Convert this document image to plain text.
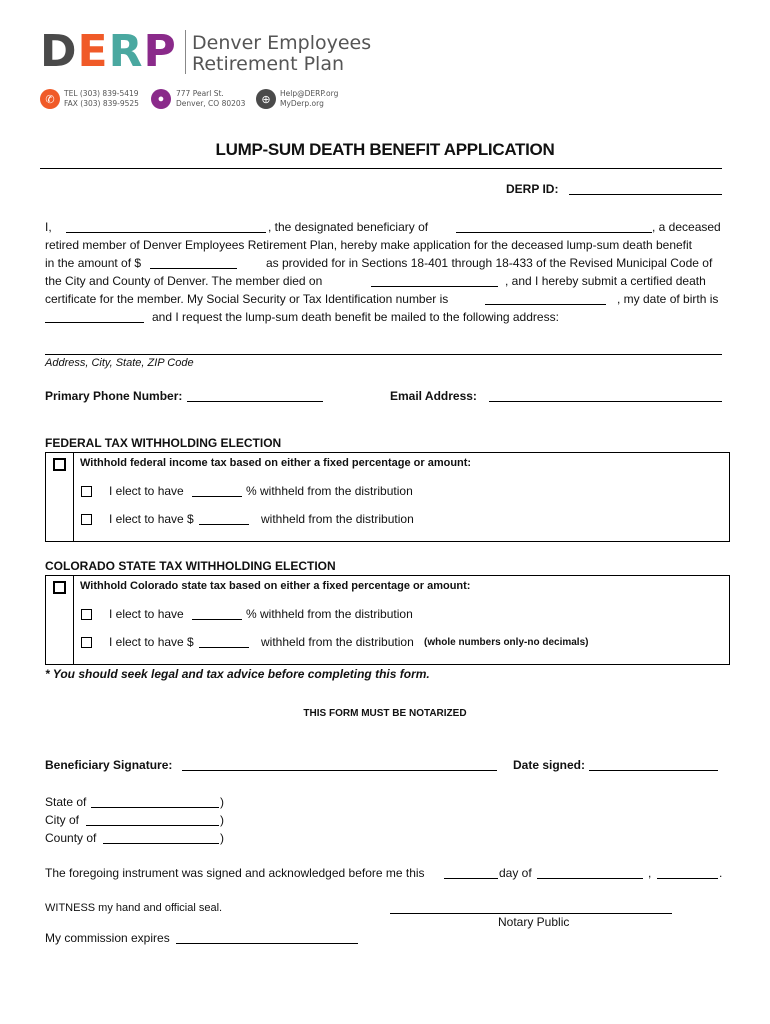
DERP Denver Employees
Retirement Plan
✆	TEL (303) 839-5419
FAX (303) 839-9525	●	777 Pearl St.
Denver, CO 80203	⊕	Help@DERP.org
MyDerp.org
LUMP-SUM DEATH BENEFIT APPLICATION
DERP ID:
I,	, the designated beneficiary of	, a deceased
retired member of Denver Employees Retirement Plan, hereby make application for the deceased lump-sum death benefit
in the amount of $	as provided for in Sections 18-401 through 18-433 of the Revised Municipal Code of
the City and County of Denver. The member died on	, and I hereby submit a certified death
certificate for the member. My Social Security or Tax Identification number is	, my date of birth is
and I request the lump-sum death benefit be mailed to the following address:
Address, City, State, ZIP Code
Primary Phone Number:	Email Address:
FEDERAL TAX WITHHOLDING ELECTION
Withhold federal income tax based on either a fixed percentage or amount:
I elect to have	% withheld from the distribution
I elect to have $	withheld from the distribution
COLORADO STATE TAX WITHHOLDING ELECTION
Withhold Colorado state tax based on either a fixed percentage or amount:
I elect to have	% withheld from the distribution
I elect to have $	withheld from the distribution (whole numbers only-no decimals)
* You should seek legal and tax advice before completing this form.
THIS FORM MUST BE NOTARIZED
Beneficiary Signature:	Date signed:
State of	)
City of	)
County of	)
The foregoing instrument was signed and acknowledged before me this	day of	,	.
WITNESS my hand and official seal.
Notary Public
My commission expires
